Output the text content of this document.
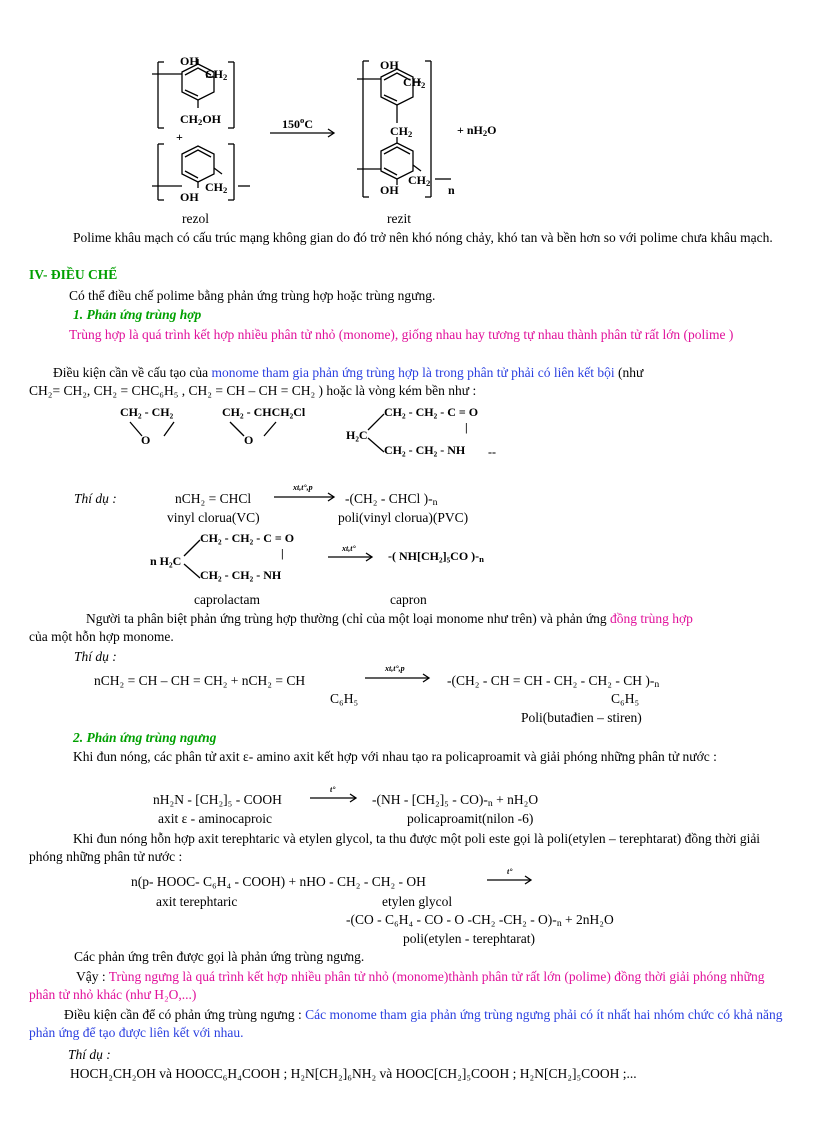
OH
$CH_2$
$CH_2OH$
+
$CH_2$
OH
150$^o$C
OH
$CH_2$
$CH_2$
$CH_2$
OH	n
+ $nH_2O$
rezol	rezit
Polime khâu mạch có cấu trúc mạng không gian do đó trở nên khó nóng chảy, khó tan và bền hơn so với polime chưa khâu mạch.
IV- ĐIỀU CHẾ
Có thể điều chế polime bằng phản ứng trùng hợp hoặc trùng ngưng.
1. Phản ứng trùng hợp
Trùng hợp là quá trình kết hợp nhiều phân tử nhỏ (monome), giống nhau hay tương tự nhau thành phân tử rất lớn (polime )
Điều kiện cần về cấu tạo của monome tham gia phản ứng trùng hợp là trong phân tử phải có liên kết bội (như
CH₂= CH₂, CH₂ = CHC₆H₅ , CH₂ = CH – CH = CH₂ ) hoặc là vòng kém bền như :
CH₂ - CH₂
O
CH₂ - CHCH₂Cl
O
CH₂ - CH₂ - C = O
|
H₂C
CH₂ - CH₂ - NH --
Thí dụ :	nCH₂ = CHCl
xt,t°,p
-(CH₂ - CHCl )$-_n$
vinyl clorua(VC)	poli(vinyl clorua)(PVC)
CH₂ - CH₂ - C = O
|
n H₂C
CH₂ - CH₂ - NH
xt,t°
-( NH[CH₂]₅CO )$-_n$
caprolactam	capron
Người ta phân biệt phản ứng trùng hợp thường (chỉ của một loại monome như trên) và phản ứng đồng trùng hợp
của một hỗn hợp monome.
Thí dụ :
nCH₂ = CH – CH = CH₂ + nCH₂ = CH
C₆H₅
xt,t°,p
-(CH₂ - CH = CH - CH₂ - CH₂ - CH )$-_n$
C₆H₅
Poli(butađien – stiren)
2. Phản ứng trùng ngưng
Khi đun nóng, các phân tử axit ε- amino axit kết hợp với nhau tạo ra policaproamit và giải phóng những phân tử nước :
nH₂N - [CH₂]₅ - COOH
t°
$-(NH - [CH_2]_5 - CO)-_n + nH_2O$
axit ε - aminocaproic	policaproamit(nilon -6)
Khi đun nóng hỗn hợp axit terephtaric và etylen glycol, ta thu được một poli este gọi là poli(etylen – terephtarat) đồng thời giải phóng những phân tử nước :
n(p- HOOC- C₆H₄ - COOH) + nHO - CH₂ - CH₂ - OH
t°
axit terephtaric	etylen glycol
-(CO - C₆H₄ - CO - O -CH₂ $-CH_2 - O)-_n + 2nH_2O$
poli(etylen - terephtarat)
Các phản ứng trên được gọi là phản ứng trùng ngưng.
Vậy : Trùng ngưng là quá trình kết hợp nhiều phân tử nhỏ (monome)thành phân tử rất lớn (polime) đồng thời giải phóng những phân tử nhỏ khác (như H₂O,...)
Điều kiện cần để có phản ứng trùng ngưng : Các monome tham gia phản ứng trùng ngưng phải có ít nhất hai nhóm chức có khả năng phản ứng để tạo được liên kết với nhau.
Thí dụ :
HOCH₂CH₂OH và HOOCC₆H₄COOH ; H₂N[CH₂]₆NH₂ và HOOC[CH₂]₅COOH ; H₂N[CH₂]₅COOH ;...
